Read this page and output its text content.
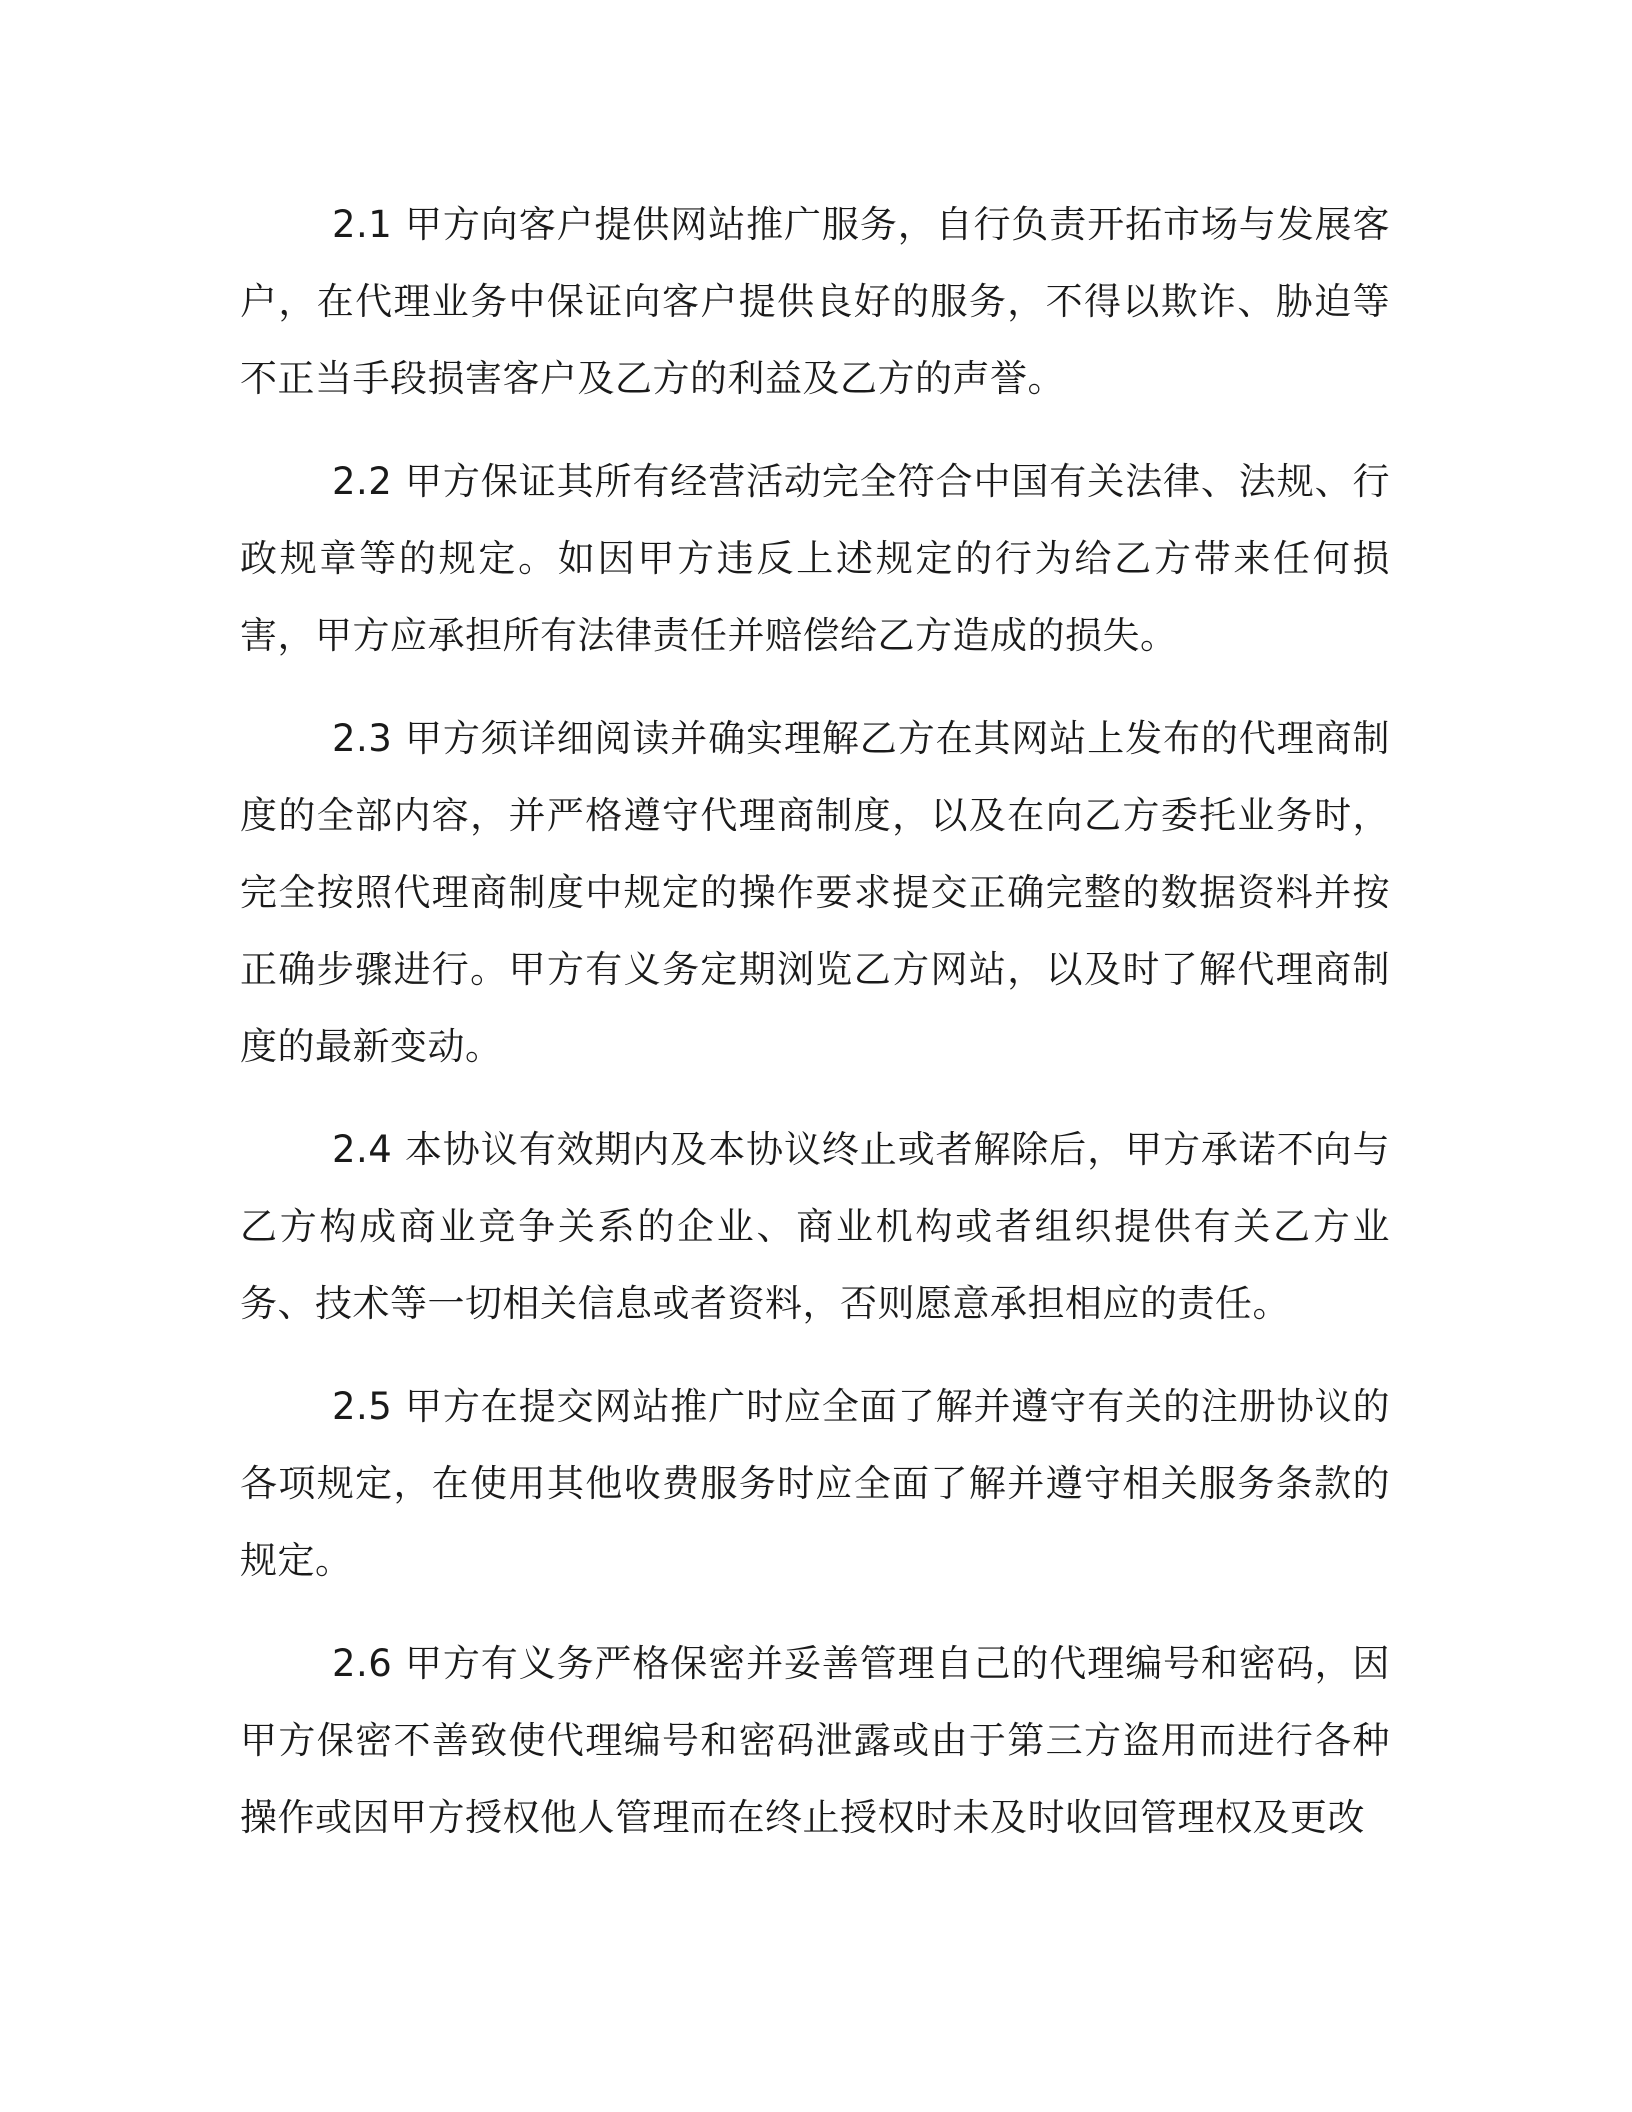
2.1 甲方向客户提供网站推广服务，自行负责开拓市场与发展客户，在代理业务中保证向客户提供良好的服务，不得以欺诈、胁迫等不正当手段损害客户及乙方的利益及乙方的声誉。

2.2 甲方保证其所有经营活动完全符合中国有关法律、法规、行政规章等的规定。如因甲方违反上述规定的行为给乙方带来任何损害，甲方应承担所有法律责任并赔偿给乙方造成的损失。

2.3 甲方须详细阅读并确实理解乙方在其网站上发布的代理商制度的全部内容，并严格遵守代理商制度，以及在向乙方委托业务时，完全按照代理商制度中规定的操作要求提交正确完整的数据资料并按正确步骤进行。甲方有义务定期浏览乙方网站，以及时了解代理商制度的最新变动。

2.4 本协议有效期内及本协议终止或者解除后，甲方承诺不向与乙方构成商业竞争关系的企业、商业机构或者组织提供有关乙方业务、技术等一切相关信息或者资料，否则愿意承担相应的责任。

2.5 甲方在提交网站推广时应全面了解并遵守有关的注册协议的各项规定，在使用其他收费服务时应全面了解并遵守相关服务条款的规定。

2.6 甲方有义务严格保密并妥善管理自己的代理编号和密码，因甲方保密不善致使代理编号和密码泄露或由于第三方盗用而进行各种操作或因甲方授权他人管理而在终止授权时未及时收回管理权及更改
